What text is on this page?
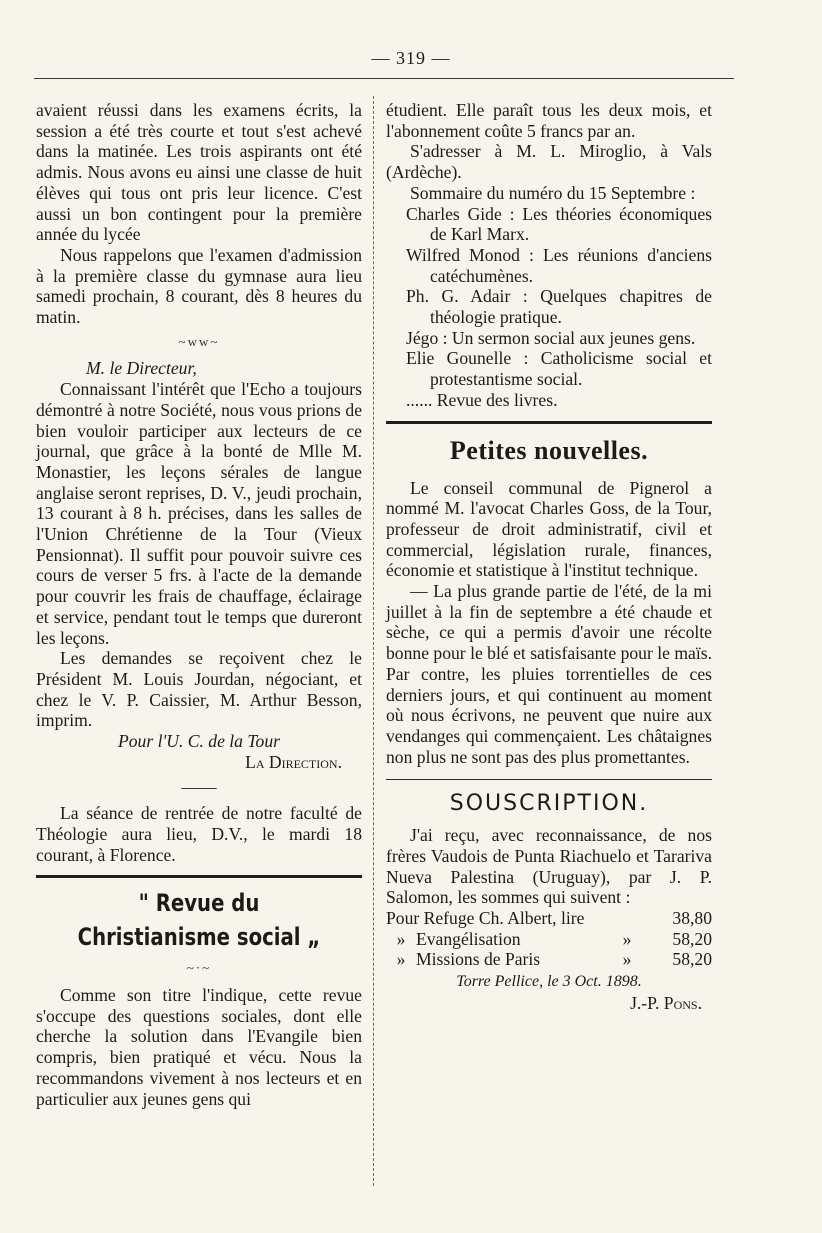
— 319 —

avaient réussi dans les examens écrits, la session a été très courte et tout s'est achevé dans la matinée. Les trois aspirants ont été admis. Nous avons eu ainsi une classe de huit élèves qui tous ont pris leur licence. C'est aussi un bon contingent pour la première année du lycée

Nous rappelons que l'examen d'admission à la première classe du gymnase aura lieu samedi prochain, 8 courant, dès 8 heures du matin.

~ww~

M. le Directeur,

Connaissant l'intérêt que l'Echo a toujours démontré à notre Société, nous vous prions de bien vouloir participer aux lecteurs de ce journal, que grâce à la bonté de Mlle M. Monastier, les leçons sérales de langue anglaise seront reprises, D. V., jeudi prochain, 13 courant à 8 h. précises, dans les salles de l'Union Chrétienne de la Tour (Vieux Pensionnat). Il suffit pour pouvoir suivre ces cours de verser 5 frs. à l'acte de la demande pour couvrir les frais de chauffage, éclairage et service, pendant tout le temps que dureront les leçons.

Les demandes se reçoivent chez le Président M. Louis Jourdan, négociant, et chez le V. P. Caissier, M. Arthur Besson, imprim.

Pour l'U. C. de la Tour

La Direction.

——

La séance de rentrée de notre faculté de Théologie aura lieu, D.V., le mardi 18 courant, à Florence.

" Revue du Christianisme social „
~·~

Comme son titre l'indique, cette revue s'occupe des questions sociales, dont elle cherche la solution dans l'Evangile bien compris, bien pratiqué et vécu. Nous la recommandons vivement à nos lecteurs et en particulier aux jeunes gens qui

étudient. Elle paraît tous les deux mois, et l'abonnement coûte 5 francs par an.

S'adresser à M. L. Miroglio, à Vals (Ardèche).

Sommaire du numéro du 15 Septembre :

Charles Gide : Les théories économiques de Karl Marx.

Wilfred Monod : Les réunions d'anciens catéchumènes.

Ph. G. Adair : Quelques chapitres de théologie pratique.

Jégo : Un sermon social aux jeunes gens.

Elie Gounelle : Catholicisme social et protestantisme social.

...... Revue des livres.

Petites nouvelles.

Le conseil communal de Pignerol a nommé M. l'avocat Charles Goss, de la Tour, professeur de droit administratif, civil et commercial, législation rurale, finances, économie et statistique à l'institut technique.

— La plus grande partie de l'été, de la mi juillet à la fin de septembre a été chaude et sèche, ce qui a permis d'avoir une récolte bonne pour le blé et satisfaisante pour le maïs. Par contre, les pluies torrentielles de ces derniers jours, et qui continuent au moment où nous écrivons, ne peuvent que nuire aux vendanges qui commençaient. Les châtaignes non plus ne sont pas des plus promettantes.

SOUSCRIPTION.

J'ai reçu, avec reconnaissance, de nos frères Vaudois de Punta Riachuelo et Tarariva Nueva Palestina (Uruguay), par J. P. Salomon, les sommes qui suivent :

Pour Refuge Ch. Albert, lire	38,80
» Evangélisation	»	58,20
» Missions de Paris	»	58,20

Torre Pellice, le 3 Oct. 1898.

J.-P. Pons.
